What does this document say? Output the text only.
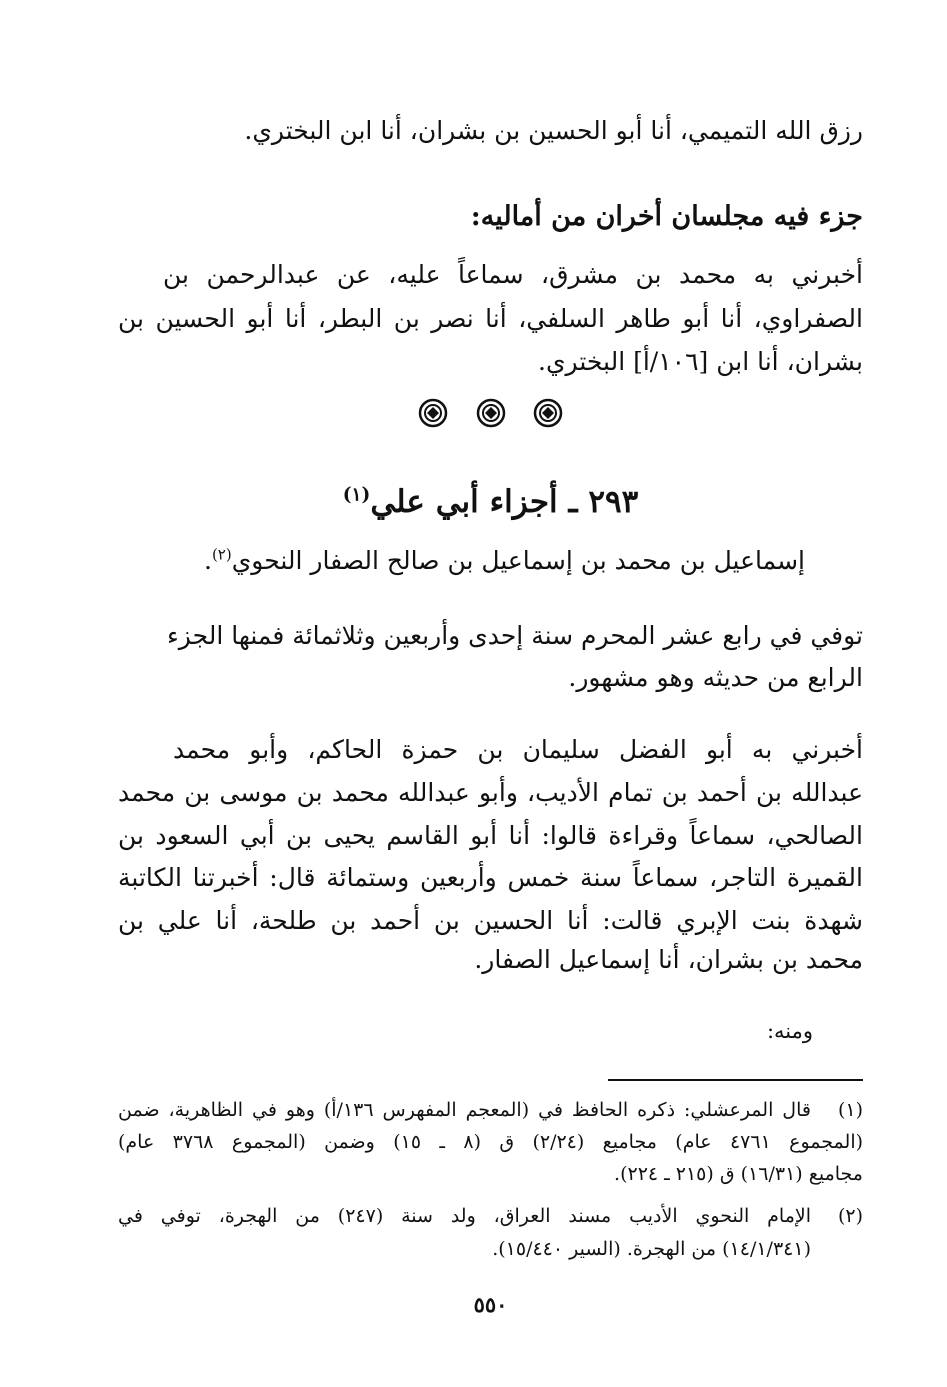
رزق الله التميمي، أنا أبو الحسين بن بشران، أنا ابن البختري.
جزء فيه مجلسان أخران من أماليه:
أخبرني به محمد بن مشرق، سماعاً عليه، عن عبدالرحمن بن
الصفراوي، أنا أبو طاهر السلفي، أنا نصر بن البطر، أنا أبو الحسين بن
بشران، أنا ابن [١٠٦/أ] البختري.
٢٩٣ ـ أجزاء أبي علي$^{(١)}$
إسماعيل بن محمد بن إسماعيل بن صالح الصفار النحوي$^{(٢)}$.
توفي في رابع عشر المحرم سنة إحدى وأربعين وثلاثمائة فمنها الجزء
الرابع من حديثه وهو مشهور.
أخبرني به أبو الفضل سليمان بن حمزة الحاكم، وأبو محمد
عبدالله بن أحمد بن تمام الأديب، وأبو عبدالله محمد بن موسى بن محمد
الصالحي، سماعاً وقراءة قالوا: أنا أبو القاسم يحيى بن أبي السعود بن
القميرة التاجر، سماعاً سنة خمس وأربعين وستمائة قال: أخبرتنا الكاتبة
شهدة بنت الإبري قالت: أنا الحسين بن أحمد بن طلحة، أنا علي بن
محمد بن بشران، أنا إسماعيل الصفار.
ومنه:
(١)
قال المرعشلي: ذكره الحافظ في (المعجم المفهرس ١٣٦/أ) وهو في الظاهرية، ضمن
(المجموع ٤٧٦١ عام) مجاميع (٢/٢٤) ق (٨ ـ ١٥) وضمن (المجموع ٣٧٦٨ عام)
مجاميع (١٦/٣١) ق (٢١٥ ـ ٢٢٤).
(٢)
الإمام النحوي الأديب مسند العراق، ولد سنة (٢٤٧) من الهجرة، توفي في
(١٤/١/٣٤١) من الهجرة. (السير ١٥/٤٤٠).
٥٥٠
